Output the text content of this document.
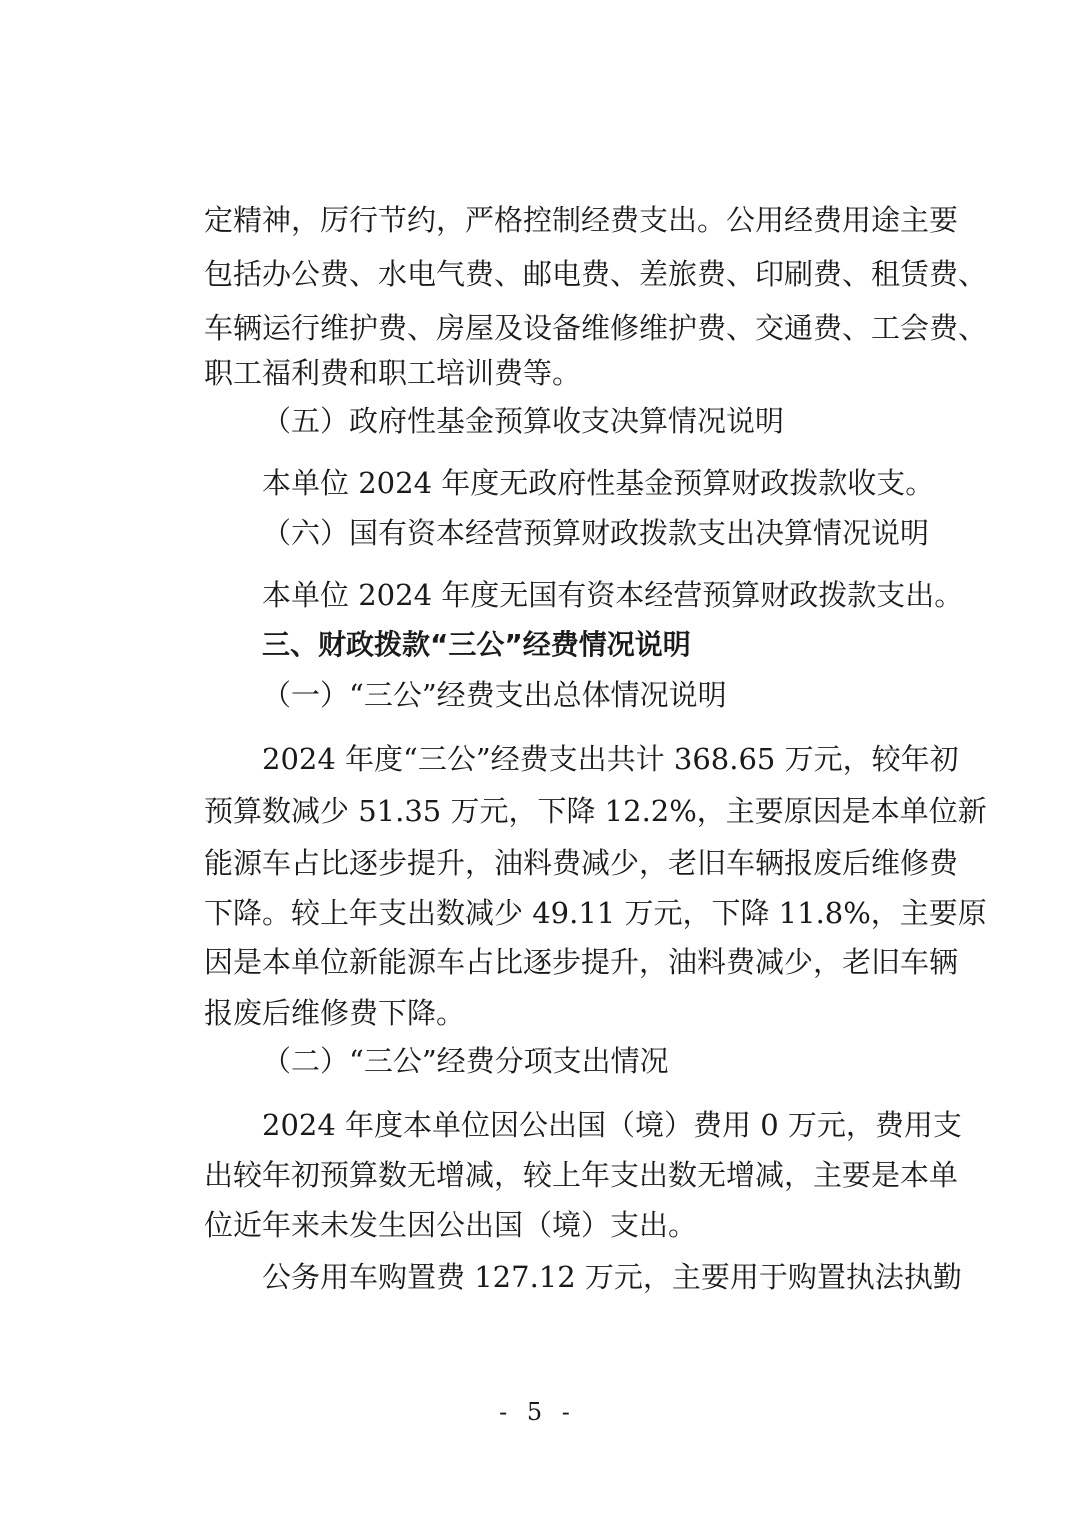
定精神，厉行节约，严格控制经费支出。公用经费用途主要
包括办公费、水电气费、邮电费、差旅费、印刷费、租赁费、
车辆运行维护费、房屋及设备维修维护费、交通费、工会费、
职工福利费和职工培训费等。
（五）政府性基金预算收支决算情况说明
本单位 2024 年度无政府性基金预算财政拨款收支。
（六）国有资本经营预算财政拨款支出决算情况说明
本单位 2024 年度无国有资本经营预算财政拨款支出。
三、财政拨款“三公”经费情况说明
（一）“三公”经费支出总体情况说明
2024 年度“三公”经费支出共计 368.65 万元，较年初
预算数减少 51.35 万元，下降 12.2%，主要原因是本单位新
能源车占比逐步提升，油料费减少，老旧车辆报废后维修费
下降。较上年支出数减少 49.11 万元，下降 11.8%，主要原
因是本单位新能源车占比逐步提升，油料费减少，老旧车辆
报废后维修费下降。
（二）“三公”经费分项支出情况
2024 年度本单位因公出国（境）费用 0 万元，费用支
出较年初预算数无增减，较上年支出数无增减，主要是本单
位近年来未发生因公出国（境）支出。
公务用车购置费 127.12 万元，主要用于购置执法执勤
- 5 -
